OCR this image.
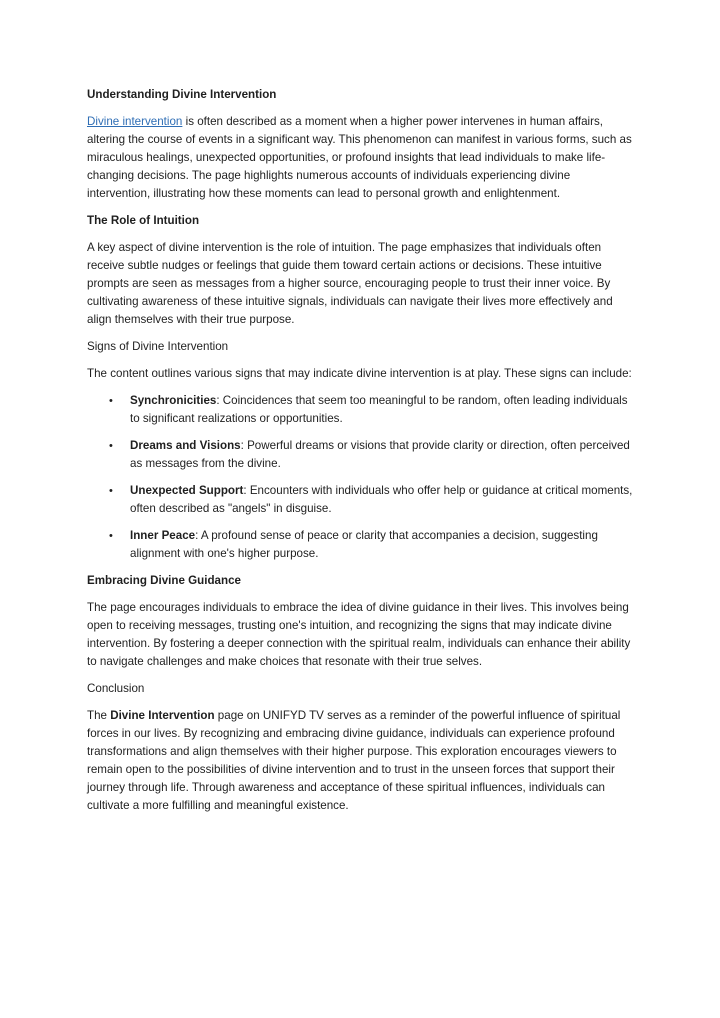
Understanding Divine Intervention

Divine intervention is often described as a moment when a higher power intervenes in human affairs, altering the course of events in a significant way. This phenomenon can manifest in various forms, such as miraculous healings, unexpected opportunities, or profound insights that lead individuals to make life-changing decisions. The page highlights numerous accounts of individuals experiencing divine intervention, illustrating how these moments can lead to personal growth and enlightenment.

The Role of Intuition

A key aspect of divine intervention is the role of intuition. The page emphasizes that individuals often receive subtle nudges or feelings that guide them toward certain actions or decisions. These intuitive prompts are seen as messages from a higher source, encouraging people to trust their inner voice. By cultivating awareness of these intuitive signals, individuals can navigate their lives more effectively and align themselves with their true purpose.

Signs of Divine Intervention

The content outlines various signs that may indicate divine intervention is at play. These signs can include:

• Synchronicities: Coincidences that seem too meaningful to be random, often leading individuals to significant realizations or opportunities.
• Dreams and Visions: Powerful dreams or visions that provide clarity or direction, often perceived as messages from the divine.
• Unexpected Support: Encounters with individuals who offer help or guidance at critical moments, often described as "angels" in disguise.
• Inner Peace: A profound sense of peace or clarity that accompanies a decision, suggesting alignment with one's higher purpose.
Embracing Divine Guidance

The page encourages individuals to embrace the idea of divine guidance in their lives. This involves being open to receiving messages, trusting one's intuition, and recognizing the signs that may indicate divine intervention. By fostering a deeper connection with the spiritual realm, individuals can enhance their ability to navigate challenges and make choices that resonate with their true selves.

Conclusion

The Divine Intervention page on UNIFYD TV serves as a reminder of the powerful influence of spiritual forces in our lives. By recognizing and embracing divine guidance, individuals can experience profound transformations and align themselves with their higher purpose. This exploration encourages viewers to remain open to the possibilities of divine intervention and to trust in the unseen forces that support their journey through life. Through awareness and acceptance of these spiritual influences, individuals can cultivate a more fulfilling and meaningful existence.
